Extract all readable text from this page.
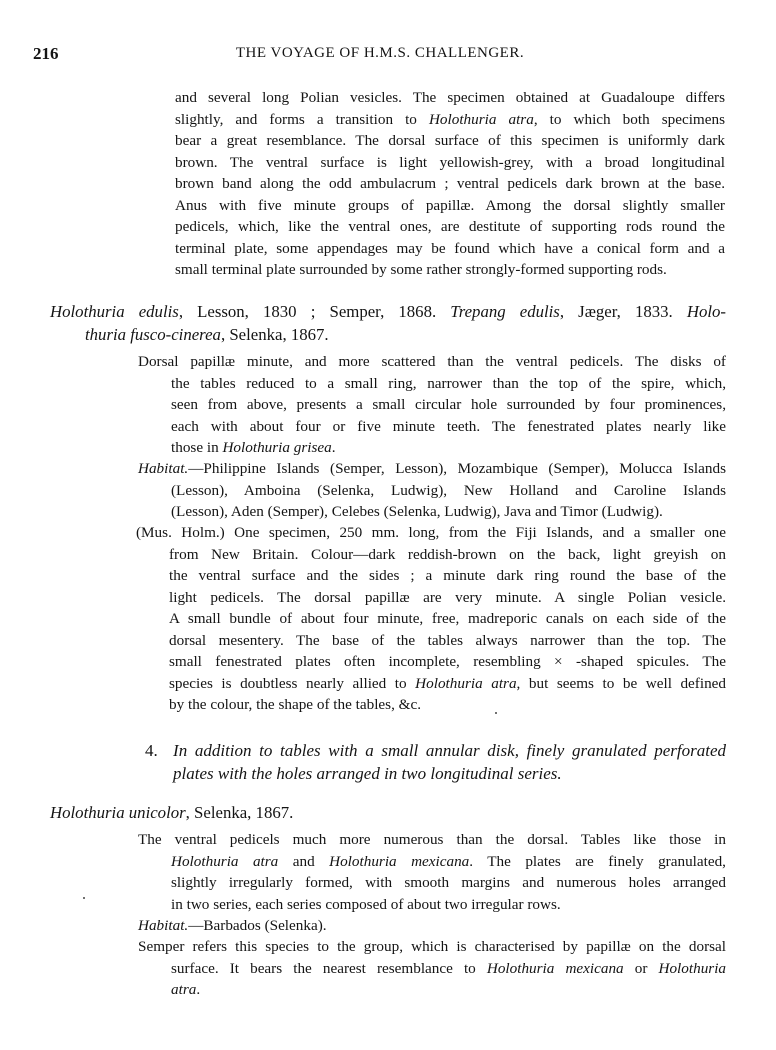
216	THE VOYAGE OF H.M.S. CHALLENGER.
and several long Polian vesicles. The specimen obtained at Guadaloupe differs
slightly, and forms a transition to Holothuria atra, to which both specimens
bear a great resemblance. The dorsal surface of this specimen is uniformly dark
brown. The ventral surface is light yellowish-grey, with a broad longitudinal
brown band along the odd ambulacrum ; ventral pedicels dark brown at the base.
Anus with five minute groups of papillæ. Among the dorsal slightly smaller
pedicels, which, like the ventral ones, are destitute of supporting rods round the
terminal plate, some appendages may be found which have a conical form and a
small terminal plate surrounded by some rather strongly-formed supporting rods.
Holothuria edulis, Lesson, 1830 ; Semper, 1868. Trepang edulis, Jæger, 1833. Holo-
thuria fusco-cinerea, Selenka, 1867.
Dorsal papillæ minute, and more scattered than the ventral pedicels. The disks of
the tables reduced to a small ring, narrower than the top of the spire, which,
seen from above, presents a small circular hole surrounded by four prominences,
each with about four or five minute teeth. The fenestrated plates nearly like
those in Holothuria grisea.
Habitat.—Philippine Islands (Semper, Lesson), Mozambique (Semper), Molucca Islands
(Lesson), Amboina (Selenka, Ludwig), New Holland and Caroline Islands
(Lesson), Aden (Semper), Celebes (Selenka, Ludwig), Java and Timor (Ludwig).
(Mus. Holm.) One specimen, 250 mm. long, from the Fiji Islands, and a smaller one
from New Britain. Colour—dark reddish-brown on the back, light greyish on
the ventral surface and the sides ; a minute dark ring round the base of the
light pedicels. The dorsal papillæ are very minute. A single Polian vesicle.
A small bundle of about four minute, free, madreporic canals on each side of the
dorsal mesentery. The base of the tables always narrower than the top. The
small fenestrated plates often incomplete, resembling × -shaped spicules. The
species is doubtless nearly allied to Holothuria atra, but seems to be well defined
by the colour, the shape of the tables, &c.
4. In addition to tables with a small annular disk, finely granulated perforated
plates with the holes arranged in two longitudinal series.
Holothuria unicolor, Selenka, 1867.
The ventral pedicels much more numerous than the dorsal. Tables like those in
Holothuria atra and Holothuria mexicana. The plates are finely granulated,
slightly irregularly formed, with smooth margins and numerous holes arranged
in two series, each series composed of about two irregular rows.
Habitat.—Barbados (Selenka).
Semper refers this species to the group, which is characterised by papillæ on the dorsal
surface. It bears the nearest resemblance to Holothuria mexicana or Holothuria
atra.
